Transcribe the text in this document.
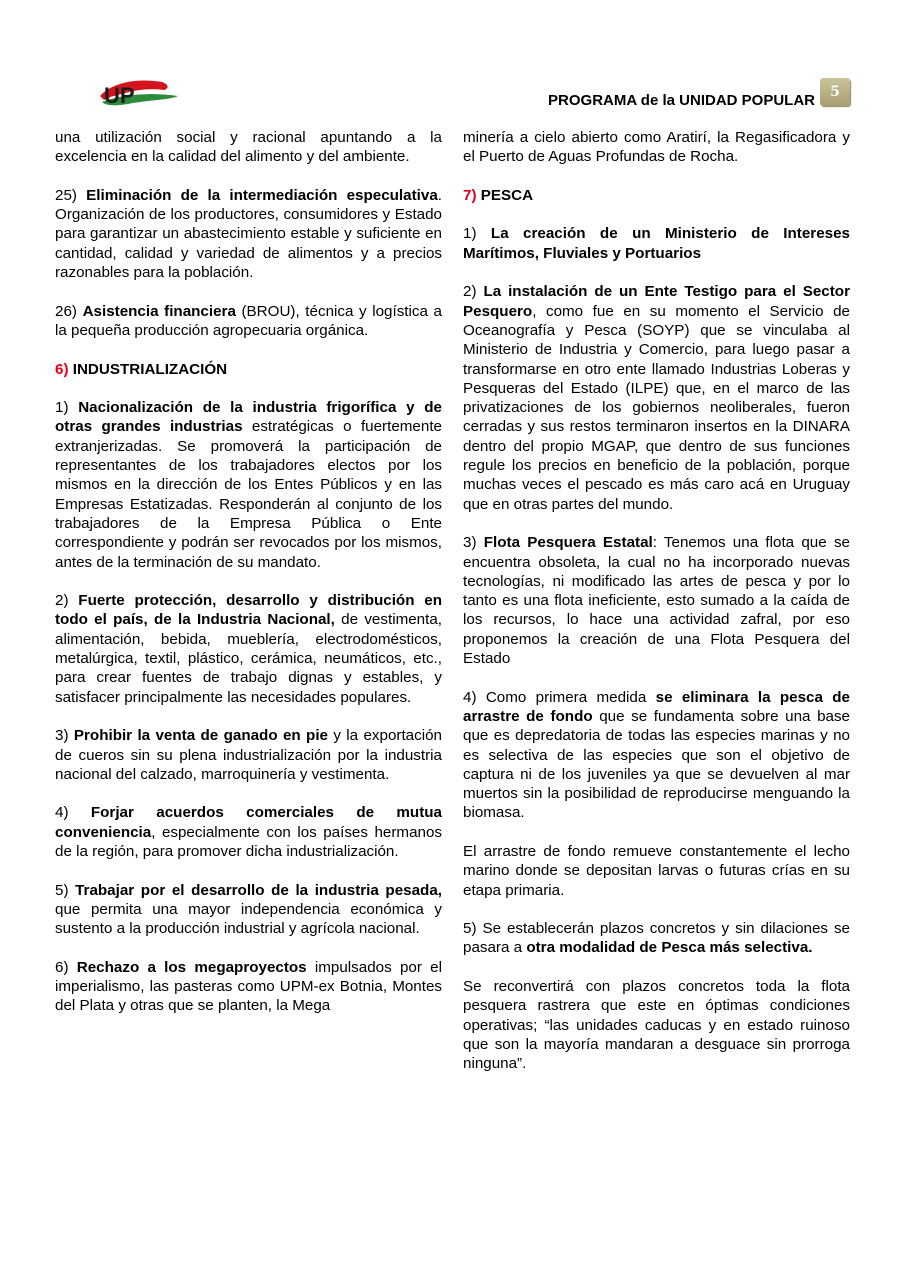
UP	PROGRAMA de la UNIDAD POPULAR	5

una utilización social y racional apuntando a la excelencia en la calidad del alimento y del ambiente.

25) Eliminación de la intermediación especulativa. Organización de los productores, consumidores y Estado para garantizar un abastecimiento estable y suficiente en cantidad, calidad y variedad de alimentos y a precios razonables para la población.

26) Asistencia financiera (BROU), técnica y logística a la pequeña producción agropecuaria orgánica.

6) INDUSTRIALIZACIÓN

1) Nacionalización de la industria frigorífica y de otras grandes industrias estratégicas o fuertemente extranjerizadas. Se promoverá la participación de representantes de los trabajadores electos por los mismos en la dirección de los Entes Públicos y en las Empresas Estatizadas. Responderán al conjunto de los trabajadores de la Empresa Pública o Ente correspondiente y podrán ser revocados por los mismos, antes de la terminación de su mandato.

2) Fuerte protección, desarrollo y distribución en todo el país, de la Industria Nacional, de vestimenta, alimentación, bebida, mueblería, electrodomésticos, metalúrgica, textil, plástico, cerámica, neumáticos, etc., para crear fuentes de trabajo dignas y estables, y satisfacer principalmente las necesidades populares.

3) Prohibir la venta de ganado en pie y la exportación de cueros sin su plena industrialización por la industria nacional del calzado, marroquinería y vestimenta.

4) Forjar acuerdos comerciales de mutua conveniencia, especialmente con los países hermanos de la región, para promover dicha industrialización.

5) Trabajar por el desarrollo de la industria pesada, que permita una mayor independencia económica y sustento a la producción industrial y agrícola nacional.

6) Rechazo a los megaproyectos impulsados por el imperialismo, las pasteras como UPM-ex Botnia, Montes del Plata y otras que se planten, la Mega

minería a cielo abierto como Aratirí, la Regasificadora y el Puerto de Aguas Profundas de Rocha.

7) PESCA

1) La creación de un Ministerio de Intereses Marítimos, Fluviales y Portuarios

2) La instalación de un Ente Testigo para el Sector Pesquero, como fue en su momento el Servicio de Oceanografía y Pesca (SOYP) que se vinculaba al Ministerio de Industria y Comercio, para luego pasar a transformarse en otro ente llamado Industrias Loberas y Pesqueras del Estado (ILPE) que, en el marco de las privatizaciones de los gobiernos neoliberales, fueron cerradas y sus restos terminaron insertos en la DINARA dentro del propio MGAP, que dentro de sus funciones regule los precios en beneficio de la población, porque muchas veces el pescado es más caro acá en Uruguay que en otras partes del mundo.

3) Flota Pesquera Estatal: Tenemos una flota que se encuentra obsoleta, la cual no ha incorporado nuevas tecnologías, ni modificado las artes de pesca y por lo tanto es una flota ineficiente, esto sumado a la caída de los recursos, lo hace una actividad zafral, por eso proponemos la creación de una Flota Pesquera del Estado

4) Como primera medida se eliminara la pesca de arrastre de fondo que se fundamenta sobre una base que es depredatoria de todas las especies marinas y no es selectiva de las especies que son el objetivo de captura ni de los juveniles ya que se devuelven al mar muertos sin la posibilidad de reproducirse menguando la biomasa.

El arrastre de fondo remueve constantemente el lecho marino donde se depositan larvas o futuras crías en su etapa primaria.

5) Se establecerán plazos concretos y sin dilaciones se pasara a otra modalidad de Pesca más selectiva.

Se reconvertirá con plazos concretos toda la flota pesquera rastrera que este en óptimas condiciones operativas; “las unidades caducas y en estado ruinoso que son la mayoría mandaran a desguace sin prorroga ninguna”.
